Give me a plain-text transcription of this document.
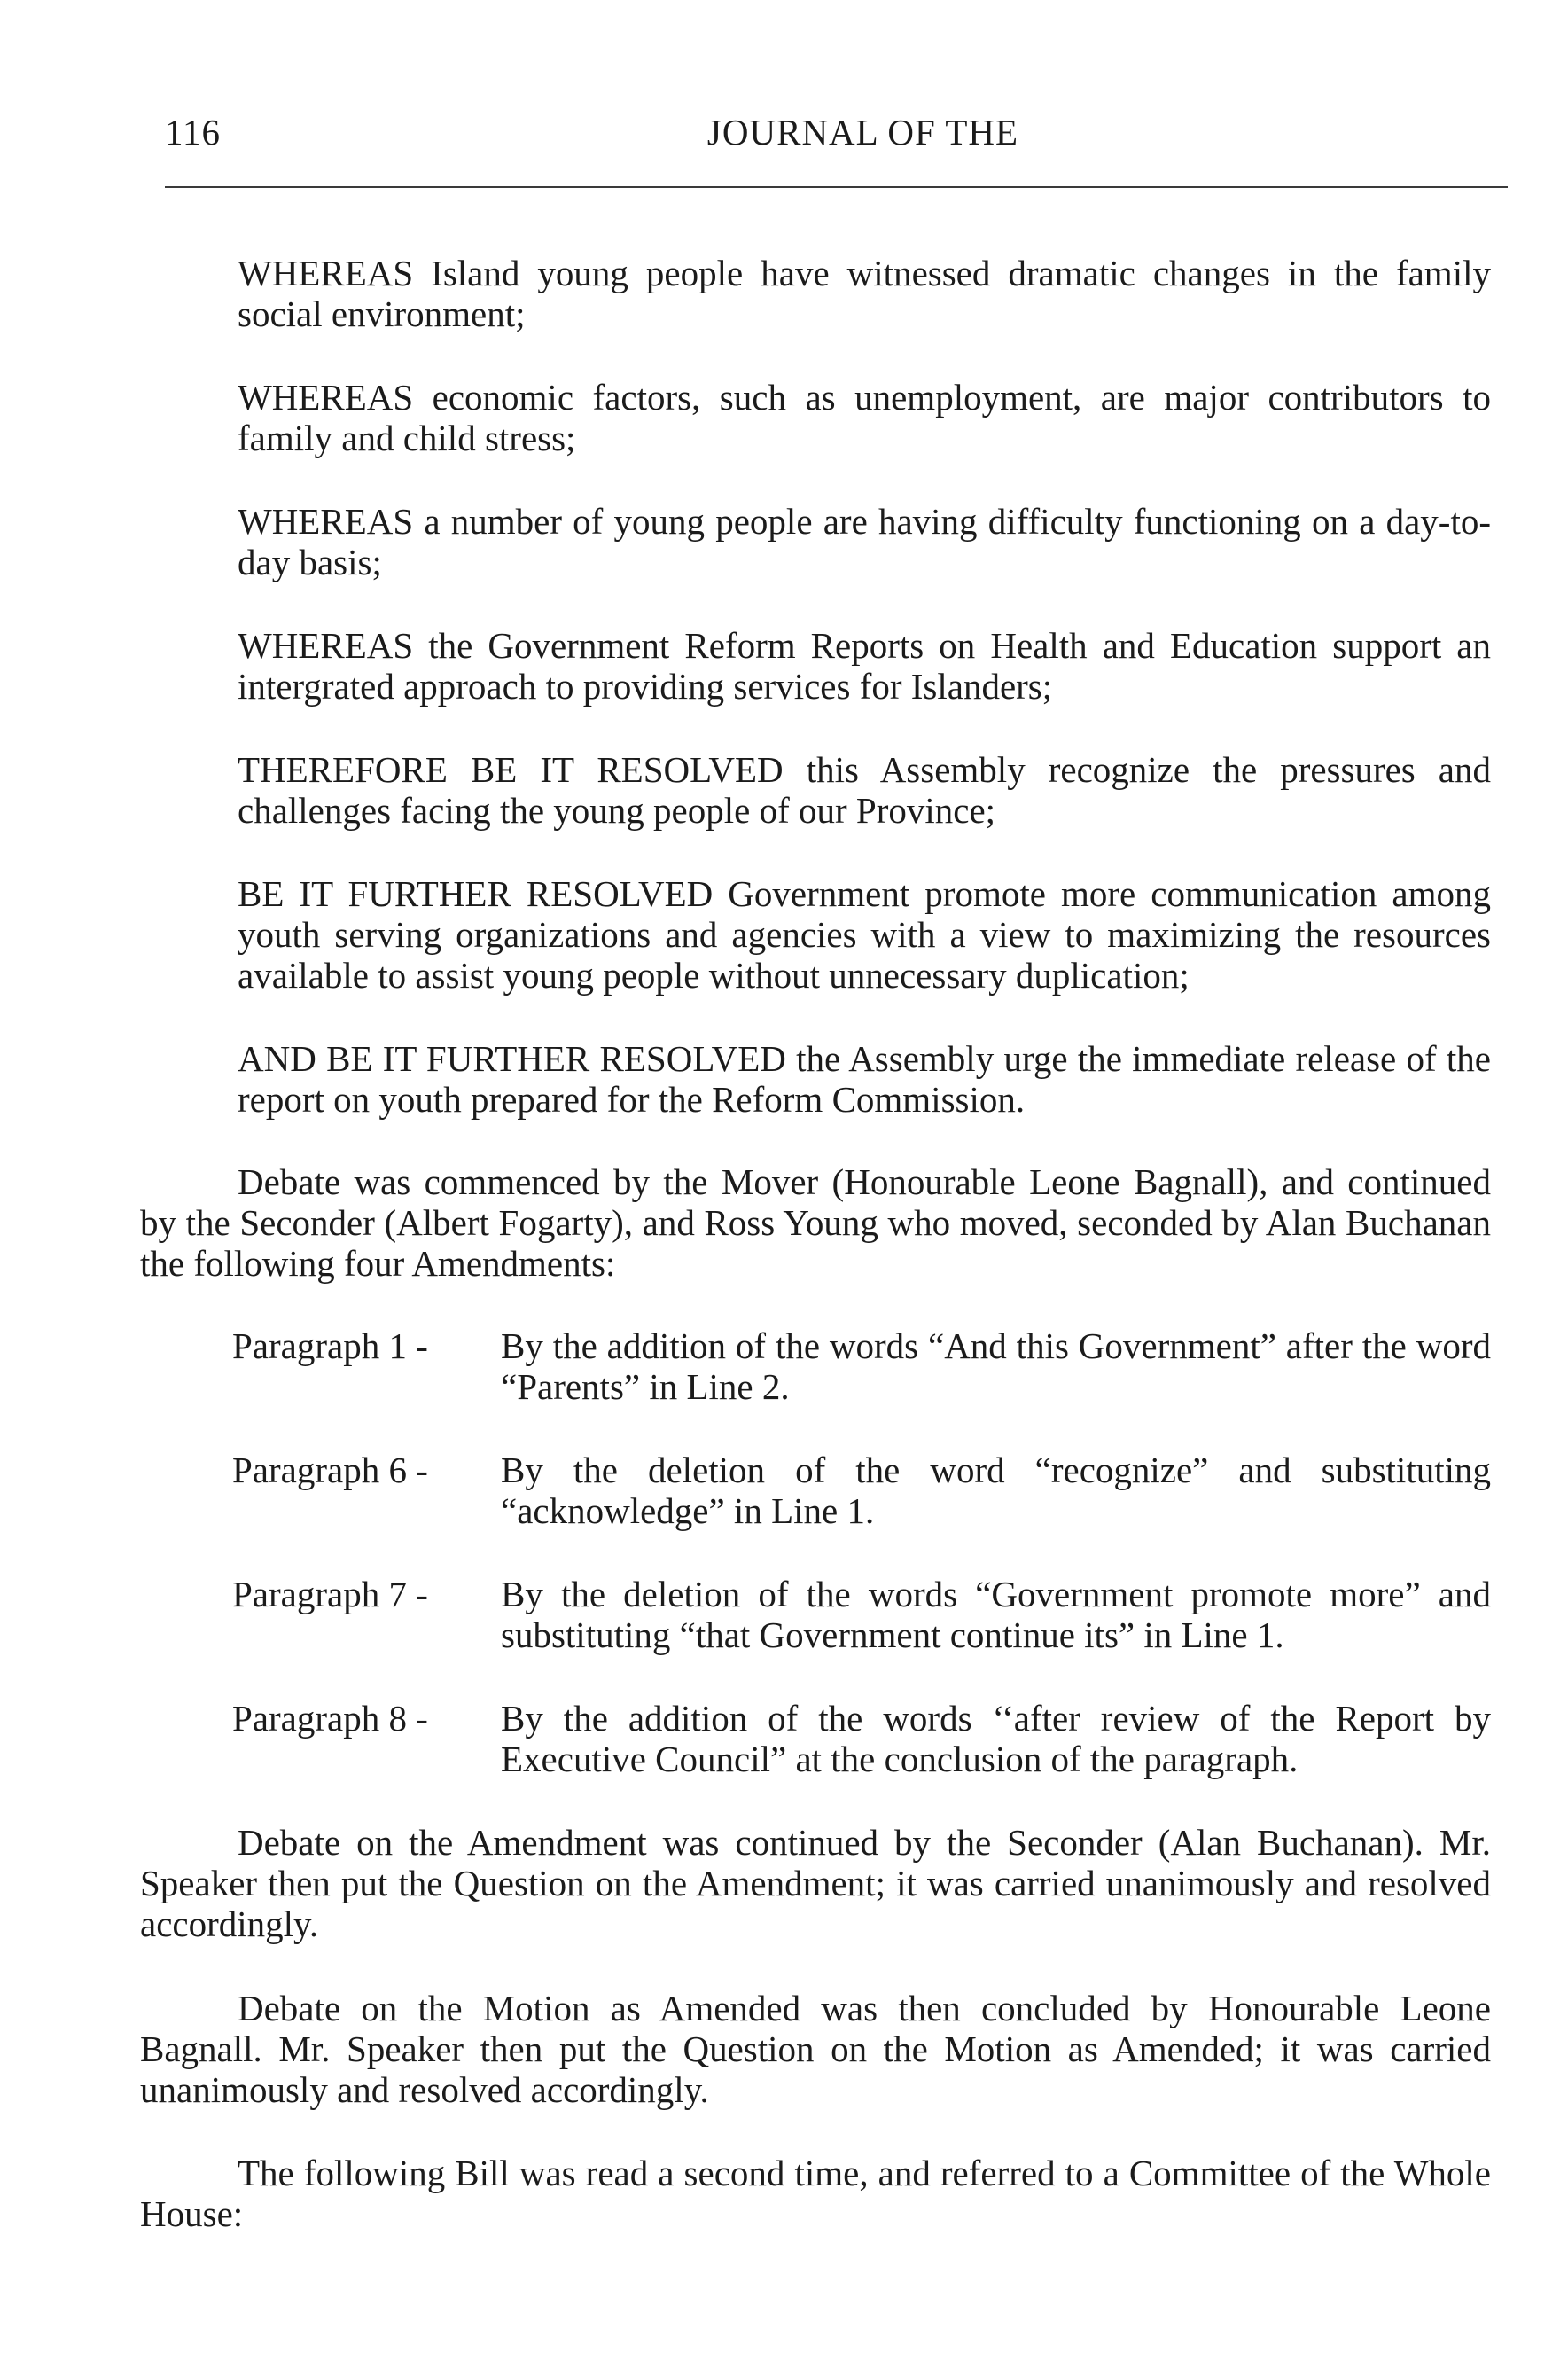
116	JOURNAL OF THE
WHEREAS Island young people have witnessed dramatic changes in the family social environment;
WHEREAS economic factors, such as unemployment, are major contributors to family and child stress;
WHEREAS a number of young people are having difficulty functioning on a day-to-day basis;
WHEREAS the Government Reform Reports on Health and Education support an intergrated approach to providing services for Islanders;
THEREFORE BE IT RESOLVED this Assembly recognize the pressures and challenges facing the young people of our Province;
BE IT FURTHER RESOLVED Government promote more communication among youth serving organizations and agencies with a view to maximizing the resources available to assist young people without unnecessary duplication;
AND BE IT FURTHER RESOLVED the Assembly urge the immediate release of the report on youth prepared for the Reform Commission.
Debate was commenced by the Mover (Honourable Leone Bagnall), and continued by the Seconder (Albert Fogarty), and Ross Young who moved, seconded by Alan Buchanan the following four Amendments:
Paragraph 1 -	By the addition of the words “And this Government” after the word “Parents” in Line 2.
Paragraph 6 -	By the deletion of the word “recognize” and substituting “acknowledge” in Line 1.
Paragraph 7 -	By the deletion of the words “Government promote more” and substituting “that Government continue its” in Line 1.
Paragraph 8 -	By the addition of the words ‘‘after review of the Report by Executive Council” at the conclusion of the paragraph.
Debate on the Amendment was continued by the Seconder (Alan Buchanan). Mr. Speaker then put the Question on the Amendment; it was carried unanimously and resolved accordingly.
Debate on the Motion as Amended was then concluded by Honourable Leone Bagnall. Mr. Speaker then put the Question on the Motion as Amended; it was carried unanimously and resolved accordingly.
The following Bill was read a second time, and referred to a Committee of the Whole House:
